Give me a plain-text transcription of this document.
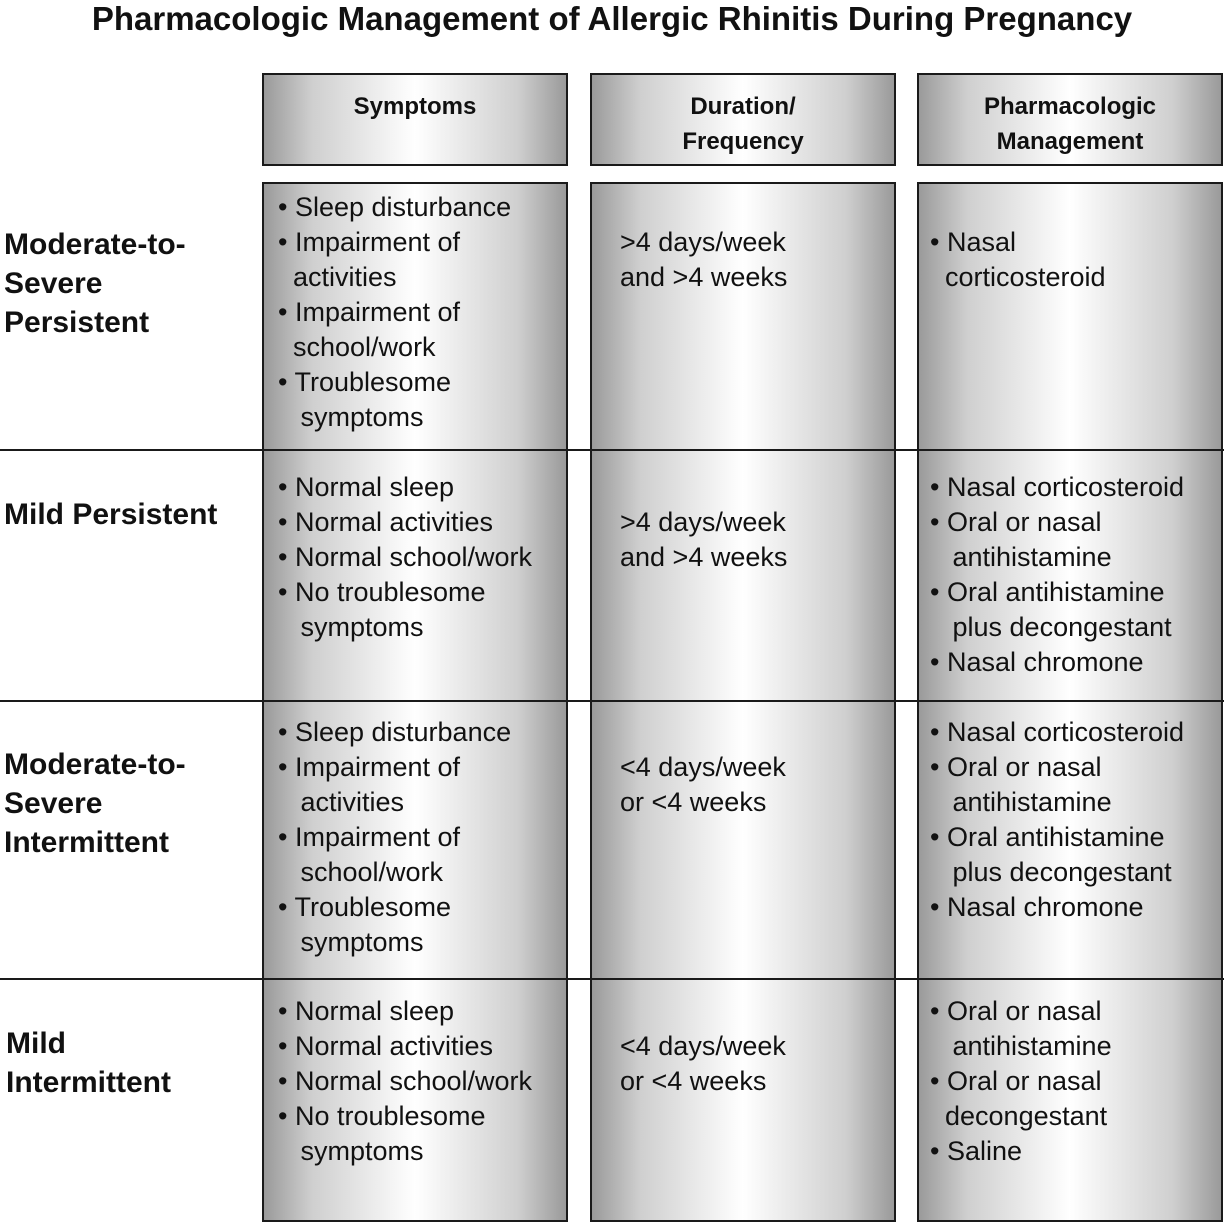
Pharmacologic Management of Allergic Rhinitis During Pregnancy
Symptoms	Duration/
Frequency
Pharmacologic
Management
Moderate-to-
Severe
Persistent
• Sleep disturbance
• Impairment of
activities
• Impairment of
school/work
• Troublesome
symptoms
>4 days/week
and >4 weeks
• Nasal
corticosteroid
Mild Persistent
• Normal sleep
• Normal activities
• Normal school/work
• No troublesome
symptoms
>4 days/week
and >4 weeks
• Nasal corticosteroid
• Oral or nasal
antihistamine
• Oral antihistamine
plus decongestant
• Nasal chromone
Moderate-to-
Severe
Intermittent
• Sleep disturbance
• Impairment of
activities
• Impairment of
school/work
• Troublesome
symptoms
<4 days/week
or <4 weeks
• Nasal corticosteroid
• Oral or nasal
antihistamine
• Oral antihistamine
plus decongestant
• Nasal chromone
Mild
Intermittent
• Normal sleep
• Normal activities
• Normal school/work
• No troublesome
symptoms
<4 days/week
or <4 weeks
• Oral or nasal
antihistamine
• Oral or nasal
decongestant
• Saline
